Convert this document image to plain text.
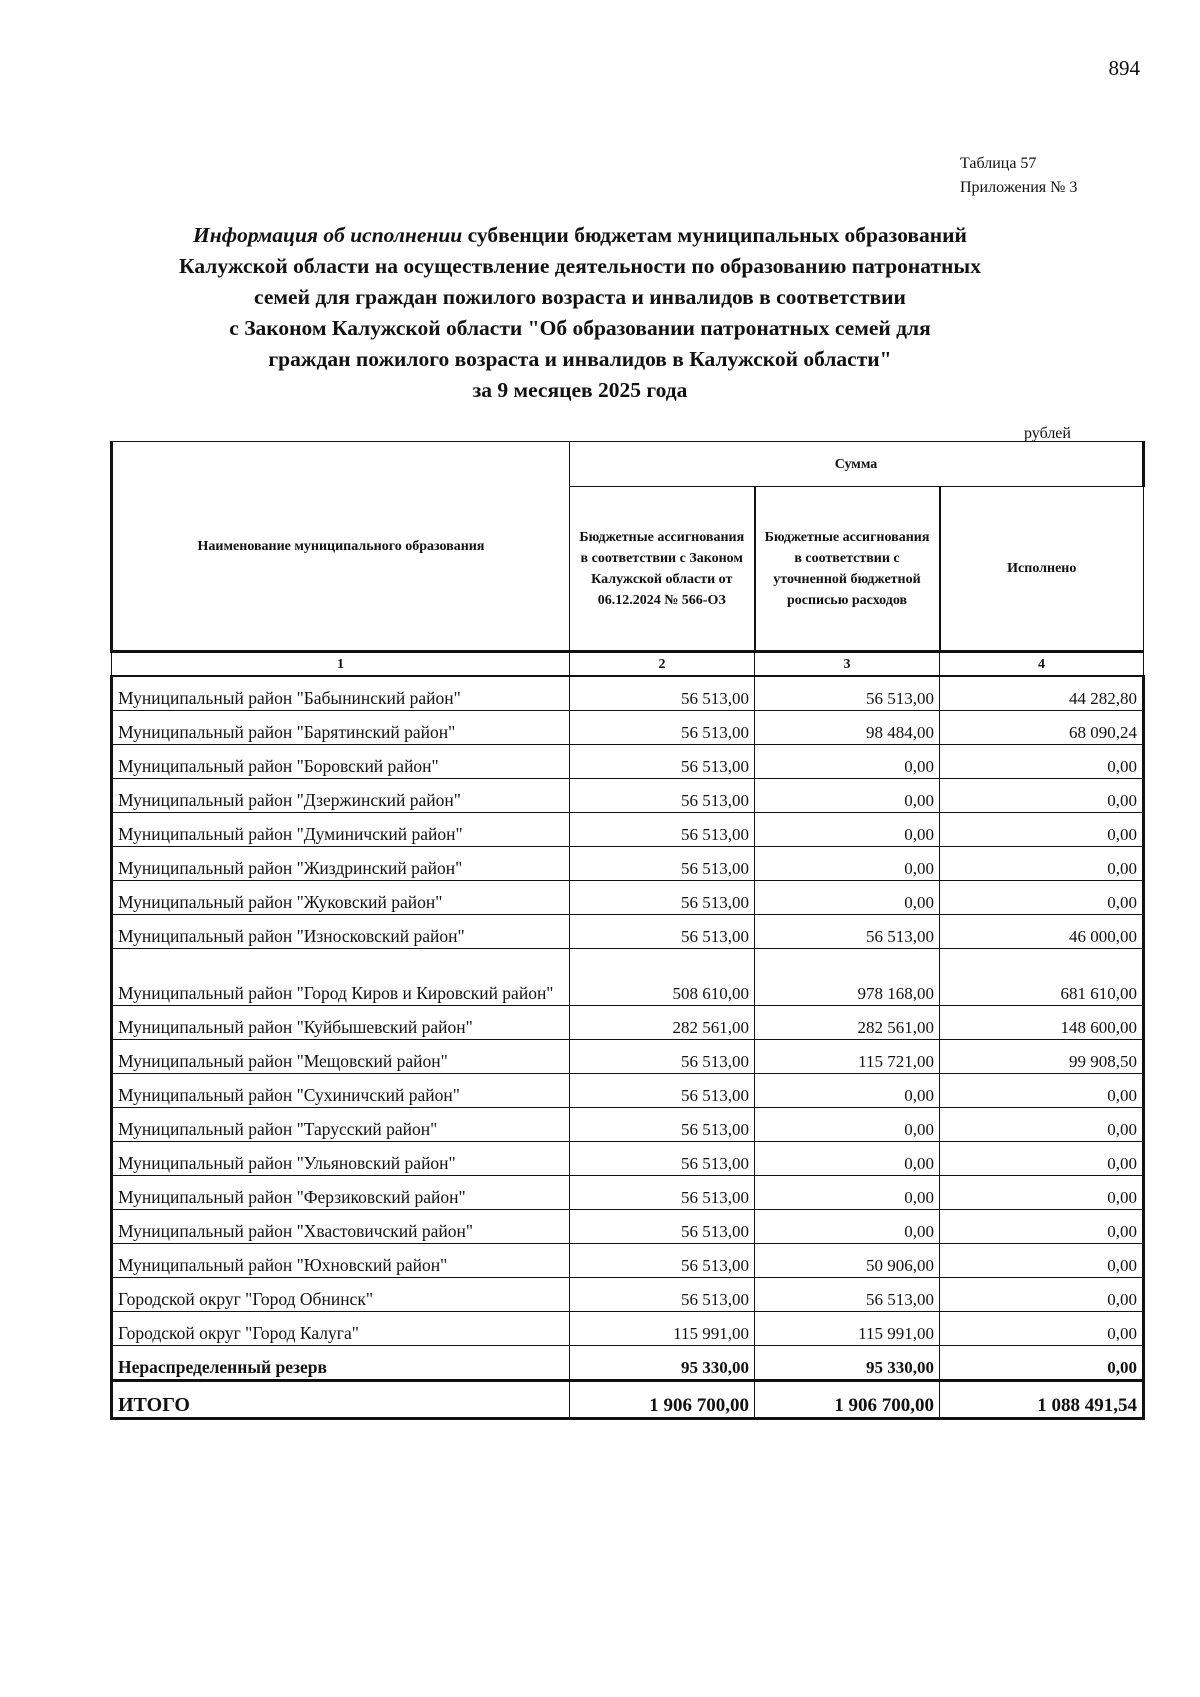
894
Таблица 57
Приложения № 3
Информация об исполнении субвенции бюджетам муниципальных образований
Калужской области на осуществление деятельности по образованию патронатных
семей для граждан пожилого возраста и инвалидов в соответствии
с Законом Калужской области "Об образовании патронатных семей для
граждан пожилого возраста и инвалидов в Калужской области"
за 9 месяцев 2025 года
рублей
Наименование муниципального образования	Сумма		
	Бюджетные ассигнования в соответствии с Законом Калужской области от 06.12.2024 № 566-ОЗ	Бюджетные ассигнования в соответствии с уточненной бюджетной росписью расходов	Исполнено
1	2	3	4
Муниципальный район "Бабынинский район"	56 513,00	56 513,00	44 282,80
Муниципальный район "Барятинский район"	56 513,00	98 484,00	68 090,24
Муниципальный район "Боровский район"	56 513,00	0,00	0,00
Муниципальный район "Дзержинский район"	56 513,00	0,00	0,00
Муниципальный район "Думиничский район"	56 513,00	0,00	0,00
Муниципальный район "Жиздринский район"	56 513,00	0,00	0,00
Муниципальный район "Жуковский район"	56 513,00	0,00	0,00
Муниципальный район "Износковский район"	56 513,00	56 513,00	46 000,00
Муниципальный район "Город Киров и Кировский район"	508 610,00	978 168,00	681 610,00
Муниципальный район "Куйбышевский район"	282 561,00	282 561,00	148 600,00
Муниципальный район "Мещовский район"	56 513,00	115 721,00	99 908,50
Муниципальный район "Сухиничский район"	56 513,00	0,00	0,00
Муниципальный район "Тарусский район"	56 513,00	0,00	0,00
Муниципальный район "Ульяновский район"	56 513,00	0,00	0,00
Муниципальный район "Ферзиковский район"	56 513,00	0,00	0,00
Муниципальный район "Хвастовичский район"	56 513,00	0,00	0,00
Муниципальный район "Юхновский район"	56 513,00	50 906,00	0,00
Городской округ "Город Обнинск"	56 513,00	56 513,00	0,00
Городской округ "Город Калуга"	115 991,00	115 991,00	0,00
Нераспределенный резерв	95 330,00	95 330,00	0,00
ИТОГО	1 906 700,00	1 906 700,00	1 088 491,54
